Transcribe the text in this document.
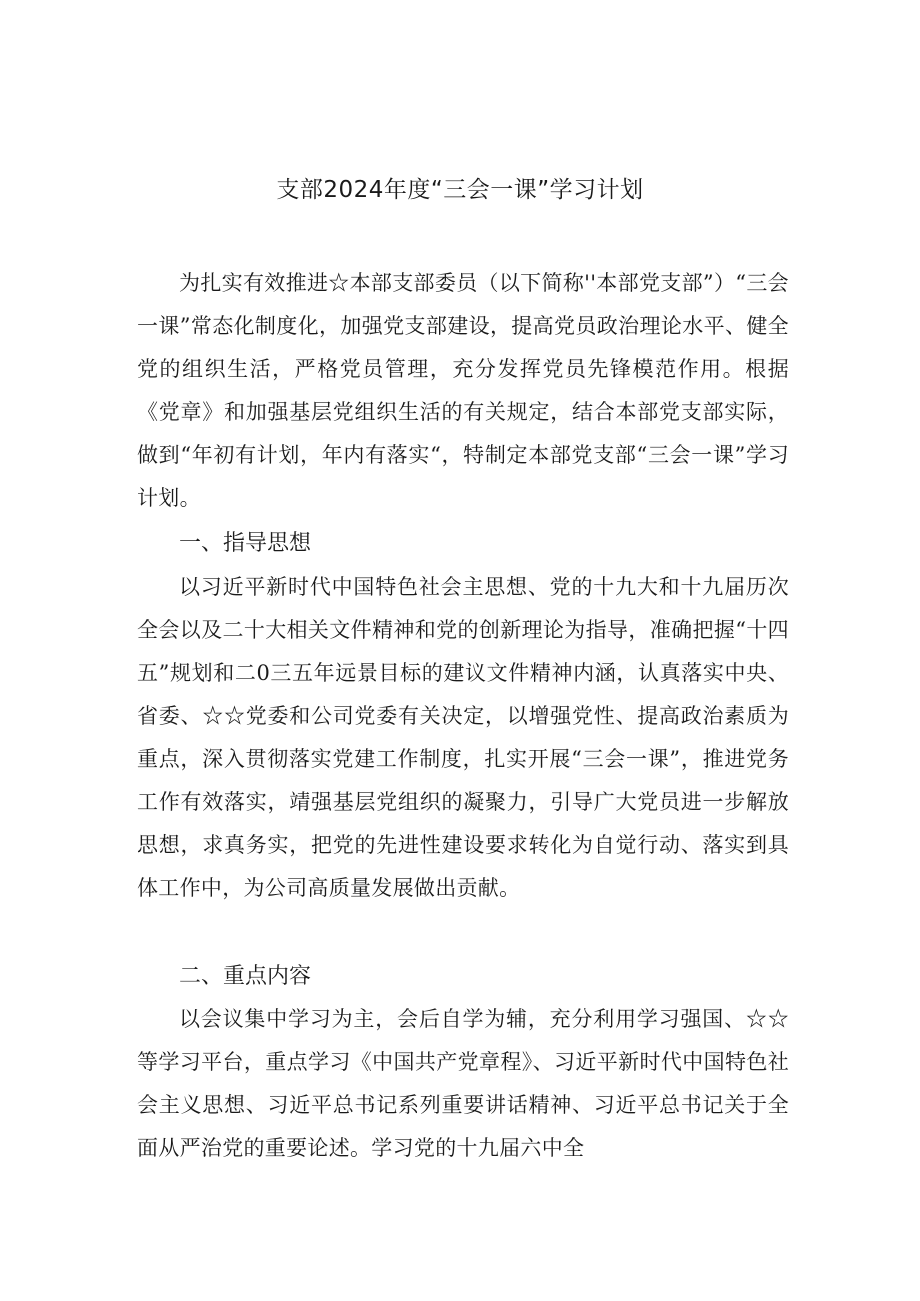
支部2024年度“三会一课”学习计划

为扎实有效推进☆本部支部委员（以下简称''本部党支部”）“三会一课”常态化制度化，加强党支部建设，提高党员政治理论水平、健全党的组织生活，严格党员管理，充分发挥党员先锋模范作用。根据《党章》和加强基层党组织生活的有关规定，结合本部党支部实际，做到“年初有计划，年内有落实“，特制定本部党支部“三会一课”学习计划。

一、指导思想

以习近平新时代中国特色社会主思想、党的十九大和十九届历次全会以及二十大相关文件精神和党的创新理论为指导，准确把握“十四五”规划和二0三五年远景目标的建议文件精神内涵，认真落实中央、省委、☆☆党委和公司党委有关决定，以增强党性、提高政治素质为重点，深入贯彻落实党建工作制度，扎实开展“三会一课”，推进党务工作有效落实，靖强基层党组织的凝聚力，引导广大党员进一步解放思想，求真务实，把党的先进性建设要求转化为自觉行动、落实到具体工作中，为公司高质量发展做出贡献。

二、重点内容

以会议集中学习为主，会后自学为辅，充分利用学习强国、☆☆等学习平台，重点学习《中国共产党章程》、习近平新时代中国特色社会主义思想、习近平总书记系列重要讲话精神、习近平总书记关于全面从严治党的重要论述。学习党的十九届六中全
